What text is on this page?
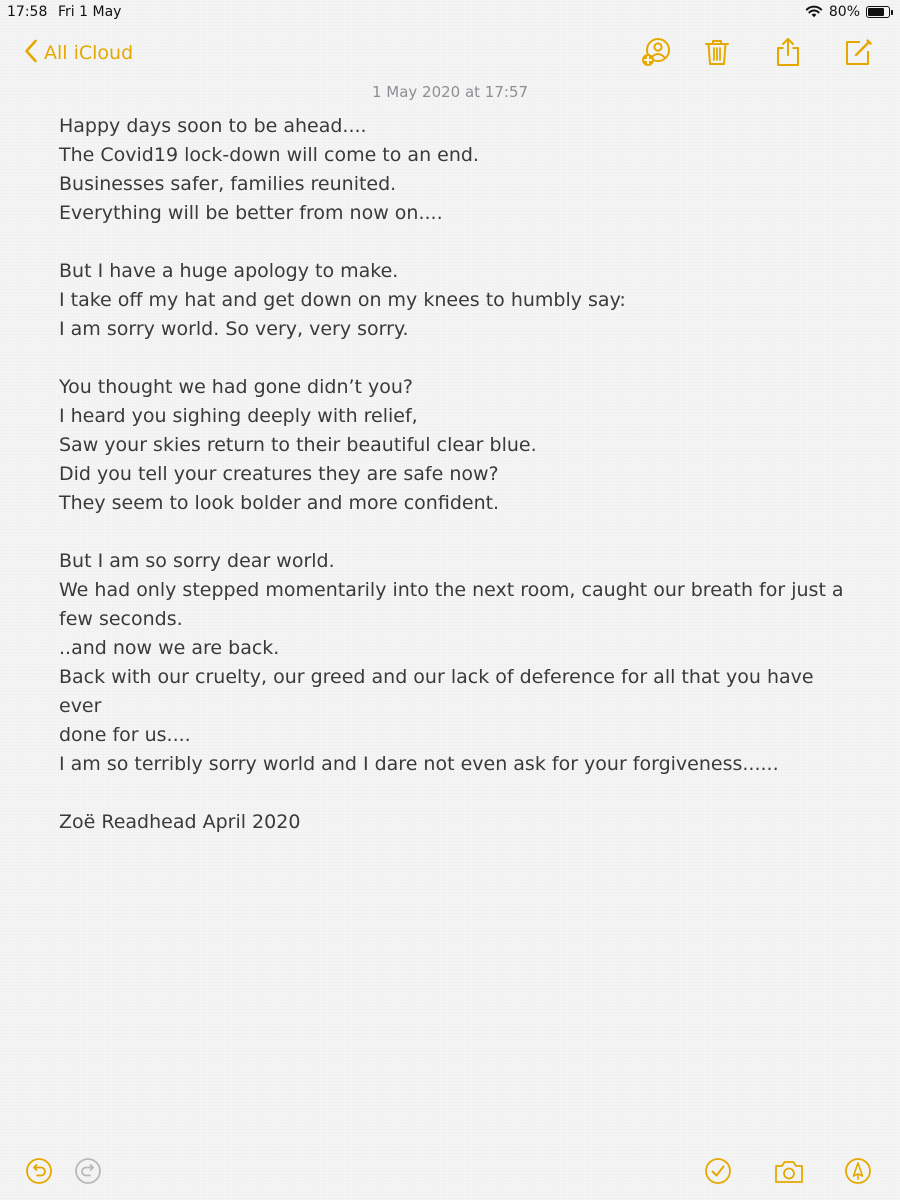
17:58 Fri 1 May	80%
All iCloud
1 May 2020 at 17:57
Happy days soon to be ahead....
The Covid19 lock-down will come to an end.
Businesses safer, families reunited.
Everything will be better from now on....
But I have a huge apology to make.
I take off my hat and get down on my knees to humbly say:
I am sorry world. So very, very sorry.
You thought we had gone didn’t you?
I heard you sighing deeply with relief,
Saw your skies return to their beautiful clear blue.
Did you tell your creatures they are safe now?
They seem to look bolder and more confident.
But I am so sorry dear world.
We had only stepped momentarily into the next room, caught our breath for just a
few seconds.
..and now we are back.
Back with our cruelty, our greed and our lack of deference for all that you have ever
done for us....
I am so terribly sorry world and I dare not even ask for your forgiveness......
Zoë Readhead April 2020
